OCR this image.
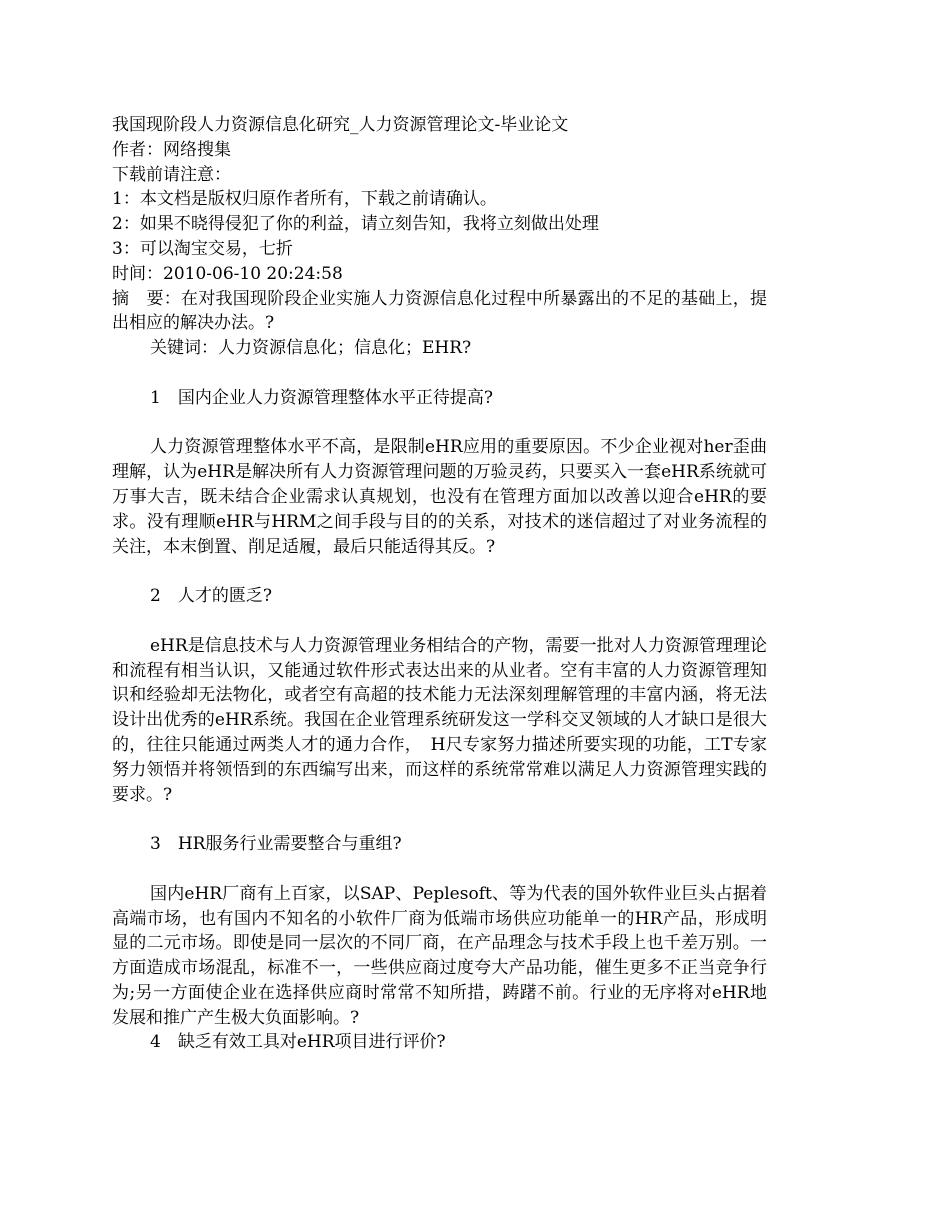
我国现阶段人力资源信息化研究_人力资源管理论文-毕业论文

作者：网络搜集

下载前请注意：

1：本文档是版权归原作者所有，下载之前请确认。

2：如果不晓得侵犯了你的利益，请立刻告知，我将立刻做出处理

3：可以淘宝交易，七折

时间：2010-06-10 20:24:58

摘　要：在对我国现阶段企业实施人力资源信息化过程中所暴露出的不足的基础上，提出相应的解决办法。?

关键词：人力资源信息化；信息化；EHR?

1　国内企业人力资源管理整体水平正待提高?

人力资源管理整体水平不高，是限制eHR应用的重要原因。不少企业视对her歪曲理解，认为eHR是解决所有人力资源管理问题的万验灵药，只要买入一套eHR系统就可万事大吉，既未结合企业需求认真规划，也没有在管理方面加以改善以迎合eHR的要求。没有理顺eHR与HRM之间手段与目的的关系，对技术的迷信超过了对业务流程的关注，本末倒置、削足适履，最后只能适得其反。?

2　人才的匮乏?

eHR是信息技术与人力资源管理业务相结合的产物，需要一批对人力资源管理理论和流程有相当认识，又能通过软件形式表达出来的从业者。空有丰富的人力资源管理知识和经验却无法物化，或者空有高超的技术能力无法深刻理解管理的丰富内涵，将无法设计出优秀的eHR系统。我国在企业管理系统研发这一学科交叉领域的人才缺口是很大的，往往只能通过两类人才的通力合作，　H尺专家努力描述所要实现的功能，工Т专家努力领悟并将领悟到的东西编写出来，而这样的系统常常难以满足人力资源管理实践的要求。?

3　HR服务行业需要整合与重组?

国内eHR厂商有上百家，以SAP、Peplesoft、等为代表的国外软件业巨头占据着高端市场，也有国内不知名的小软件厂商为低端市场供应功能单一的HR产品，形成明显的二元市场。即使是同一层次的不同厂商，在产品理念与技术手段上也千差万别。一方面造成市场混乱，标准不一，一些供应商过度夸大产品功能，催生更多不正当竞争行为;另一方面使企业在选择供应商时常常不知所措，踌躇不前。行业的无序将对eHR地发展和推广产生极大负面影响。?

4　缺乏有效工具对eHR项目进行评价?
